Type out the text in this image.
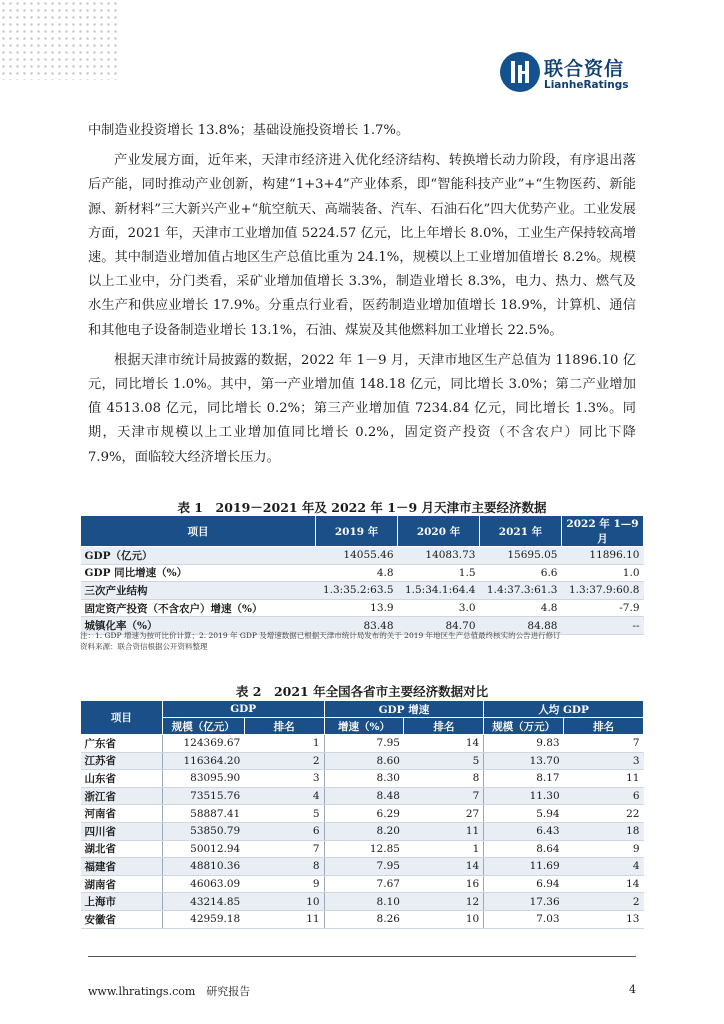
联合资信
LianheRatings

中制造业投资增长 13.8%；基础设施投资增长 1.7%。

产业发展方面，近年来，天津市经济进入优化经济结构、转换增长动力阶段，有序退出落后产能，同时推动产业创新，构建“1+3+4”产业体系，即“智能科技产业”+“生物医药、新能源、新材料”三大新兴产业+“航空航天、高端装备、汽车、石油石化”四大优势产业。工业发展方面，2021 年，天津市工业增加值 5224.57 亿元，比上年增长 8.0%，工业生产保持较高增速。其中制造业增加值占地区生产总值比重为 24.1%，规模以上工业增加值增长 8.2%。规模以上工业中，分门类看，采矿业增加值增长 3.3%，制造业增长 8.3%，电力、热力、燃气及水生产和供应业增长 17.9%。分重点行业看，医药制造业增加值增长 18.9%，计算机、通信和其他电子设备制造业增长 13.1%，石油、煤炭及其他燃料加工业增长 22.5%。

根据天津市统计局披露的数据，2022 年 1－9 月，天津市地区生产总值为 11896.10 亿元，同比增长 1.0%。其中，第一产业增加值 148.18 亿元，同比增长 3.0%；第二产业增加值 4513.08 亿元，同比增长 0.2%；第三产业增加值 7234.84 亿元，同比增长 1.3%。同期，天津市规模以上工业增加值同比增长 0.2%，固定资产投资（不含农户）同比下降 7.9%，面临较大经济增长压力。

表 1　2019－2021 年及 2022 年 1－9 月天津市主要经济数据
项目	2019 年	2020 年	2021 年	2022 年 1—9 月
GDP（亿元）	14055.46	14083.73	15695.05	11896.10
GDP 同比增速（%）	4.8	1.5	6.6	1.0
三次产业结构	1.3:35.2:63.5	1.5:34.1:64.4	1.4:37.3:61.3	1.3:37.9:60.8
固定资产投资（不含农户）增速（%）	13.9	3.0	4.8	-7.9
城镇化率（%）	83.48	84.70	84.88	--
注：1. GDP 增速为按可比价计算；2. 2019 年 GDP 及增速数据已根据天津市统计局发布的关于 2019 年地区生产总值最终核实的公告进行修订
资料来源：联合资信根据公开资料整理
表 2　2021 年全国各省市主要经济数据对比
项目	GDP		GDP 增速		人均 GDP	
	规模（亿元）	排名	增速（%）	排名	规模（万元）	排名
广东省	124369.67	1	7.95	14	9.83	7
江苏省	116364.20	2	8.60	5	13.70	3
山东省	83095.90	3	8.30	8	8.17	11
浙江省	73515.76	4	8.48	7	11.30	6
河南省	58887.41	5	6.29	27	5.94	22
四川省	53850.79	6	8.20	11	6.43	18
湖北省	50012.94	7	12.85	1	8.64	9
福建省	48810.36	8	7.95	14	11.69	4
湖南省	46063.09	9	7.67	16	6.94	14
上海市	43214.85	10	8.10	12	17.36	2
安徽省	42959.18	11	8.26	10	7.03	13
www.lhratings.com　研究报告	4
